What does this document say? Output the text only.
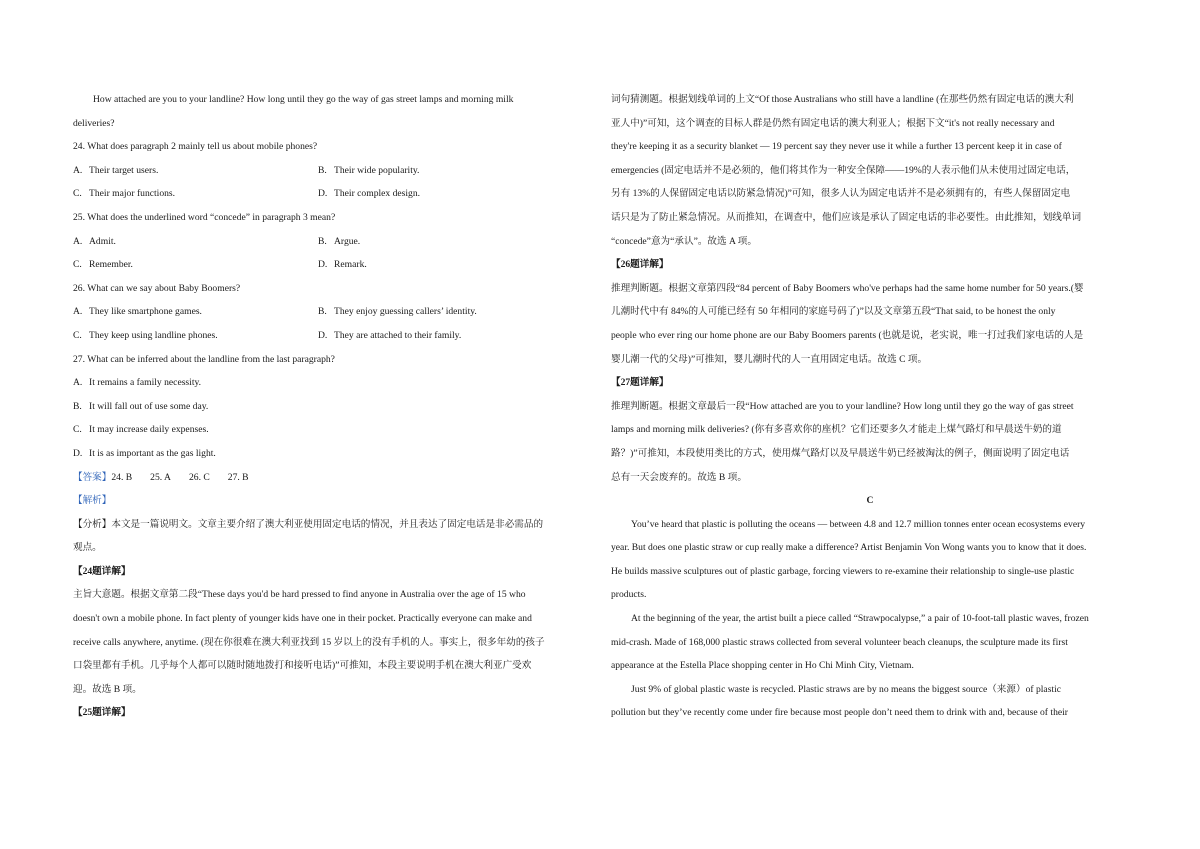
How attached are you to your landline? How long until they go the way of gas street lamps and morning milk
deliveries?

24. What does paragraph 2 mainly tell us about mobile phones?

A. Their target users.	B. Their wide popularity.
C. Their major functions.	D. Their complex design.

25. What does the underlined word “concede” in paragraph 3 mean?

A. Admit.	B. Argue.
C. Remember.	D. Remark.

26. What can we say about Baby Boomers?

A. They like smartphone games.	B. They enjoy guessing callers’ identity.
C. They keep using landline phones.	D. They are attached to their family.

27. What can be inferred about the landline from the last paragraph?

A. It remains a family necessity.

B. It will fall out of use some day.

C. It may increase daily expenses.

D. It is as important as the gas light.

【答案】24. B 25. A 26. C 27. B

【解析】

【分析】本文是一篇说明文。文章主要介绍了澳大利亚使用固定电话的情况，并且表达了固定电话是非必需品的
观点。

【24题详解】

主旨大意题。根据文章第二段“These days you'd be hard pressed to find anyone in Australia over the age of 15 who
doesn't own a mobile phone. In fact plenty of younger kids have one in their pocket. Practically everyone can make and
receive calls anywhere, anytime. (现在你很难在澳大利亚找到 15 岁以上的没有手机的人。事实上，很多年幼的孩子
口袋里都有手机。几乎每个人都可以随时随地拨打和接听电话)”可推知，本段主要说明手机在澳大利亚广受欢
迎。故选 B 项。

【25题详解】

词句猜测题。根据划线单词的上文“Of those Australians who still have a landline (在那些仍然有固定电话的澳大利
亚人中)”可知，这个调查的目标人群是仍然有固定电话的澳大利亚人；根据下文“it's not really necessary and
they're keeping it as a security blanket — 19 percent say they never use it while a further 13 percent keep it in case of
emergencies (固定电话并不是必须的，他们将其作为一种安全保障——19%的人表示他们从未使用过固定电话，
另有 13%的人保留固定电话以防紧急情况)”可知，很多人认为固定电话并不是必须拥有的，有些人保留固定电
话只是为了防止紧急情况。从而推知，在调查中，他们应该是承认了固定电话的非必要性。由此推知，划线单词
“concede”意为“承认”。故选 A 项。

【26题详解】

推理判断题。根据文章第四段“84 percent of Baby Boomers who've perhaps had the same home number for 50 years.(婴
儿潮时代中有 84%的人可能已经有 50 年相同的家庭号码了)”以及文章第五段“That said, to be honest the only
people who ever ring our home phone are our Baby Boomers parents (也就是说，老实说，唯一打过我们家电话的人是
婴儿潮一代的父母)”可推知，婴儿潮时代的人一直用固定电话。故选 C 项。

【27题详解】

推理判断题。根据文章最后一段“How attached are you to your landline? How long until they go the way of gas street
lamps and morning milk deliveries? (你有多喜欢你的座机？它们还要多久才能走上煤气路灯和早晨送牛奶的道
路？)”可推知，本段使用类比的方式，使用煤气路灯以及早晨送牛奶已经被淘汰的例子，侧面说明了固定电话
总有一天会废弃的。故选 B 项。

C

You’ve heard that plastic is polluting the oceans — between 4.8 and 12.7 million tonnes enter ocean ecosystems every
year. But does one plastic straw or cup really make a difference? Artist Benjamin Von Wong wants you to know that it does.
He builds massive sculptures out of plastic garbage, forcing viewers to re-examine their relationship to single-use plastic
products.

At the beginning of the year, the artist built a piece called “Strawpocalypse,” a pair of 10-foot-tall plastic waves, frozen
mid-crash. Made of 168,000 plastic straws collected from several volunteer beach cleanups, the sculpture made its first
appearance at the Estella Place shopping center in Ho Chi Minh City, Vietnam.

Just 9% of global plastic waste is recycled. Plastic straws are by no means the biggest source（来源）of plastic
pollution but they’ve recently come under fire because most people don’t need them to drink with and, because of their
